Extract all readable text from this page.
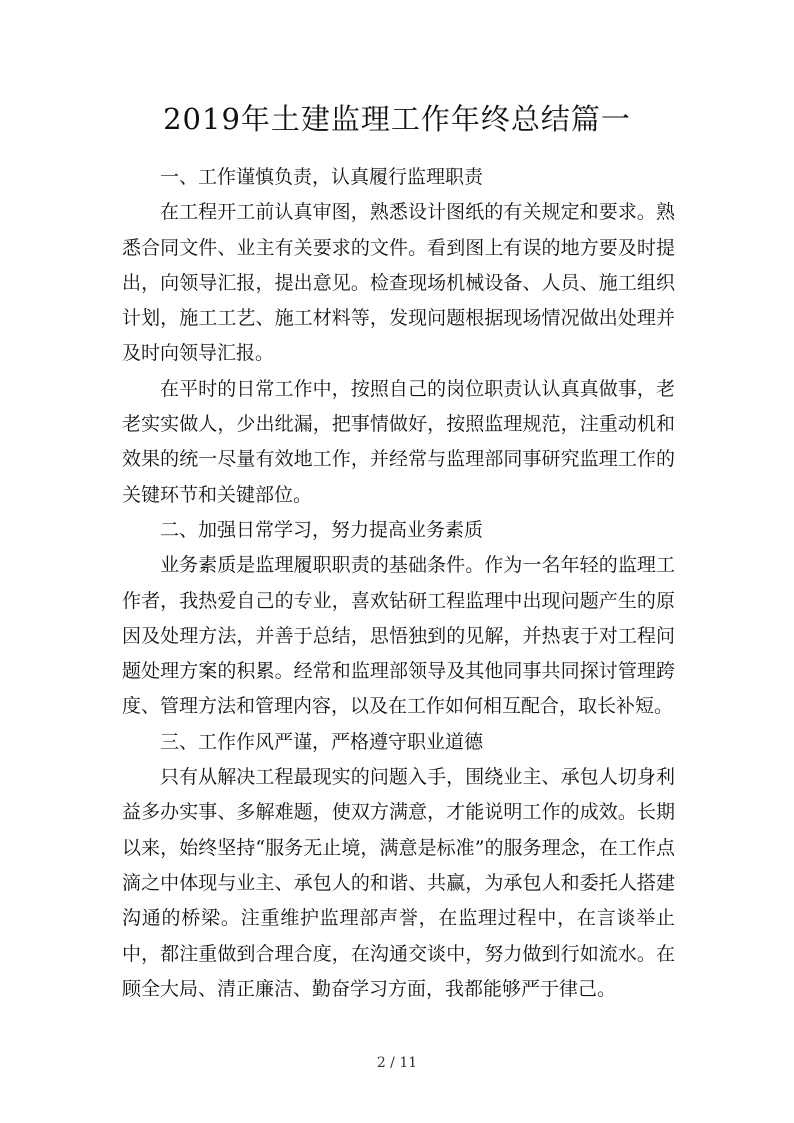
2019年土建监理工作年终总结篇一

一、工作谨慎负责，认真履行监理职责

在工程开工前认真审图，熟悉设计图纸的有关规定和要求。熟悉合同文件、业主有关要求的文件。看到图上有误的地方要及时提出，向领导汇报，提出意见。检查现场机械设备、人员、施工组织计划，施工工艺、施工材料等，发现问题根据现场情况做出处理并及时向领导汇报。

在平时的日常工作中，按照自己的岗位职责认认真真做事，老老实实做人，少出纰漏，把事情做好，按照监理规范，注重动机和效果的统一尽量有效地工作，并经常与监理部同事研究监理工作的关键环节和关键部位。

二、加强日常学习，努力提高业务素质

业务素质是监理履职职责的基础条件。作为一名年轻的监理工作者，我热爱自己的专业，喜欢钻研工程监理中出现问题产生的原因及处理方法，并善于总结，思悟独到的见解，并热衷于对工程问题处理方案的积累。经常和监理部领导及其他同事共同探讨管理跨度、管理方法和管理内容，以及在工作如何相互配合，取长补短。

三、工作作风严谨，严格遵守职业道德

只有从解决工程最现实的问题入手，围绕业主、承包人切身利益多办实事、多解难题，使双方满意，才能说明工作的成效。长期以来，始终坚持“服务无止境，满意是标准”的服务理念，在工作点滴之中体现与业主、承包人的和谐、共赢，为承包人和委托人搭建沟通的桥梁。注重维护监理部声誉，在监理过程中，在言谈举止中，都注重做到合理合度，在沟通交谈中，努力做到行如流水。在顾全大局、清正廉洁、勤奋学习方面，我都能够严于律己。

2 / 11
